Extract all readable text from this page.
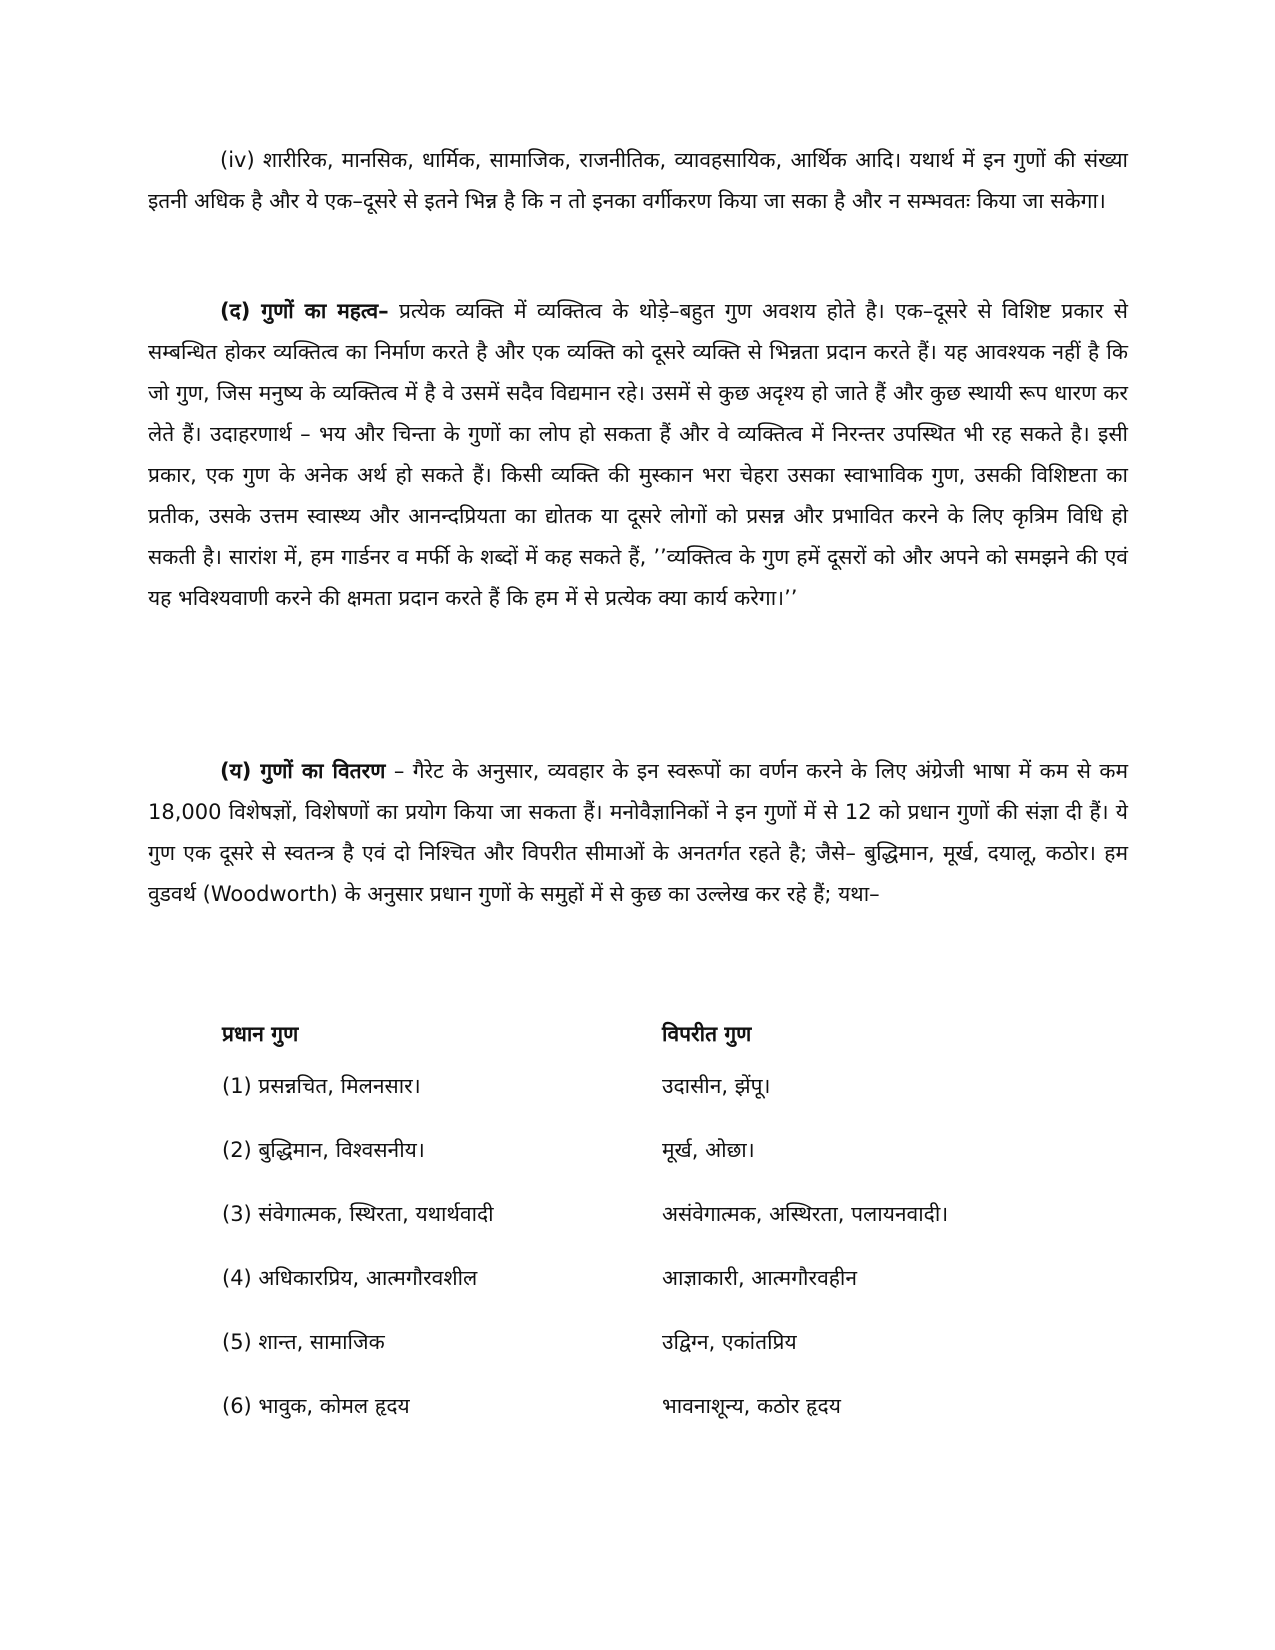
(iv) शारीरिक, मानसिक, धार्मिक, सामाजिक, राजनीतिक, व्यावहसायिक, आर्थिक आदि। यथार्थ में इन गुणों की संख्या इतनी अधिक है और ये एक–दूसरे से इतने भिन्न है कि न तो इनका वर्गीकरण किया जा सका है और न सम्भवतः किया जा सकेगा।

(द) गुणों का महत्व– प्रत्येक व्यक्ति में व्यक्तित्व के थोड़े–बहुत गुण अवशय होते है। एक–दूसरे से विशिष्ट प्रकार से सम्बन्धित होकर व्यक्तित्व का निर्माण करते है और एक व्यक्ति को दूसरे व्यक्ति से भिन्नता प्रदान करते हैं। यह आवश्यक नहीं है कि जो गुण, जिस मनुष्य के व्यक्तित्व में है वे उसमें सदैव विद्यमान रहे। उसमें से कुछ अदृश्य हो जाते हैं और कुछ स्थायी रूप धारण कर लेते हैं। उदाहरणार्थ – भय और चिन्ता के गुणों का लोप हो सकता हैं और वे व्यक्तित्व में निरन्तर उपस्थित भी रह सकते है। इसी प्रकार, एक गुण के अनेक अर्थ हो सकते हैं। किसी व्यक्ति की मुस्कान भरा चेहरा उसका स्वाभाविक गुण, उसकी विशिष्टता का प्रतीक, उसके उत्तम स्वास्थ्य और आनन्दप्रियता का द्योतक या दूसरे लोगों को प्रसन्न और प्रभावित करने के लिए कृत्रिम विधि हो सकती है। सारांश में, हम गार्डनर व मर्फी के शब्दों में कह सकते हैं, ’’व्यक्तित्व के गुण हमें दूसरों को और अपने को समझने की एवं यह भविश्यवाणी करने की क्षमता प्रदान करते हैं कि हम में से प्रत्येक क्या कार्य करेगा।’’

(य) गुणों का वितरण – गैरेट के अनुसार, व्यवहार के इन स्वरूपों का वर्णन करने के लिए अंग्रेजी भाषा में कम से कम 18,000 विशेषज्ञों, विशेषणों का प्रयोग किया जा सकता हैं। मनोवैज्ञानिकों ने इन गुणों में से 12 को प्रधान गुणों की संज्ञा दी हैं। ये गुण एक दूसरे से स्वतन्त्र है एवं दो निश्चित और विपरीत सीमाओं के अनतर्गत रहते है; जैसे– बुद्धिमान, मूर्ख, दयालू, कठोर। हम वुडवर्थ (Woodworth) के अनुसार प्रधान गुणों के समुहों में से कुछ का उल्लेख कर रहे हैं; यथा–

प्रधान गुण	विपरीत गुण
(1) प्रसन्नचित, मिलनसार।	उदासीन, झेंपू।
(2) बुद्धिमान, विश्वसनीय।	मूर्ख, ओछा।
(3) संवेगात्मक, स्थिरता, यथार्थवादी	असंवेगात्मक, अस्थिरता, पलायनवादी।
(4) अधिकारप्रिय, आत्मगौरवशील	आज्ञाकारी, आत्मगौरवहीन
(5) शान्त, सामाजिक	उद्विग्न, एकांतप्रिय
(6) भावुक, कोमल हृदय	भावनाशून्य, कठोर हृदय
